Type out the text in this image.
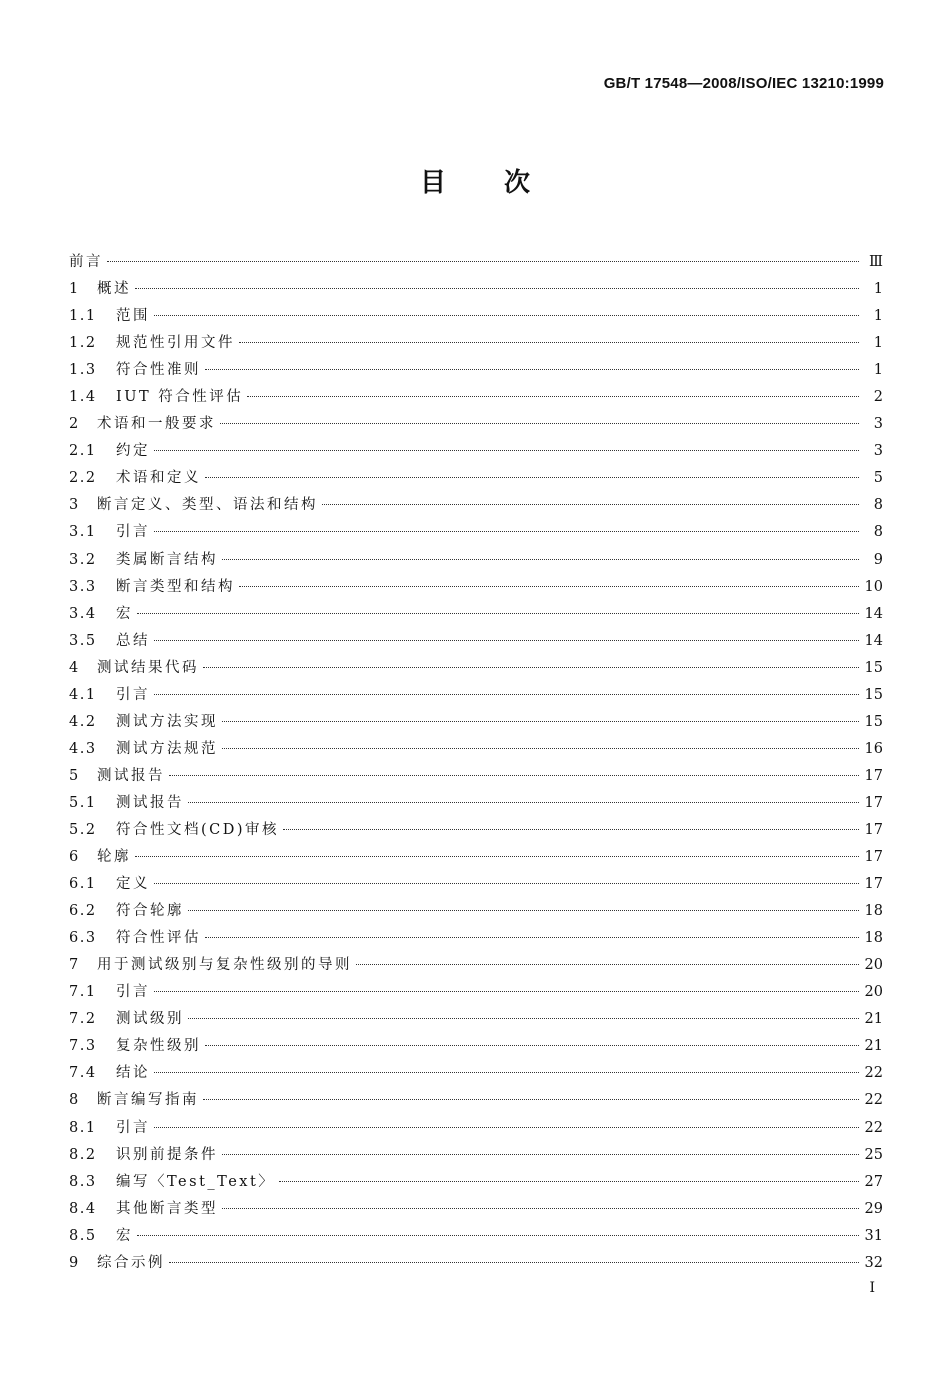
GB/T 17548—2008/ISO/IEC 13210:1999
目次
前言	Ⅲ
1	概述	1
1.1	范围	1
1.2	规范性引用文件	1
1.3	符合性准则	1
1.4	IUT 符合性评估	2
2	术语和一般要求	3
2.1	约定	3
2.2	术语和定义	5
3	断言定义、类型、语法和结构	8
3.1	引言	8
3.2	类属断言结构	9
3.3	断言类型和结构	10
3.4	宏	14
3.5	总结	14
4	测试结果代码	15
4.1	引言	15
4.2	测试方法实现	15
4.3	测试方法规范	16
5	测试报告	17
5.1	测试报告	17
5.2	符合性文档(CD)审核	17
6	轮廓	17
6.1	定义	17
6.2	符合轮廓	18
6.3	符合性评估	18
7	用于测试级别与复杂性级别的导则	20
7.1	引言	20
7.2	测试级别	21
7.3	复杂性级别	21
7.4	结论	22
8	断言编写指南	22
8.1	引言	22
8.2	识别前提条件	25
8.3	编写〈Test_Text〉	27
8.4	其他断言类型	29
8.5	宏	31
9	综合示例	32
I
